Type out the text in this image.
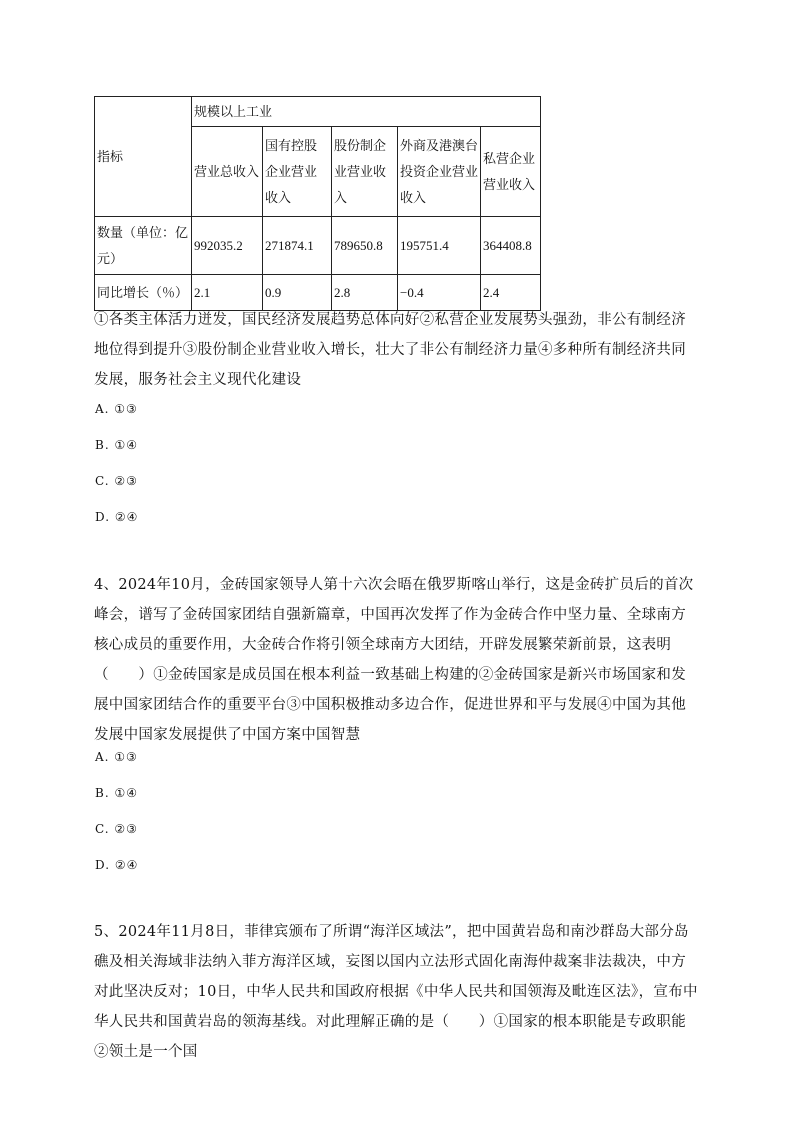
指标	规模以上工业				
	营业总收入	国有控股企业营业收入	股份制企业营业收入	外商及港澳台投资企业营业收入	私营企业营业收入
数量（单位：亿元）	992035.2	271874.1	789650.8	195751.4	364408.8
同比增长（％）	2.1	0.9	2.8	−0.4	2.4
①各类主体活力迸发，国民经济发展趋势总体向好②私营企业发展势头强劲，非公有制经济地位得到提升③股份制企业营业收入增长，壮大了非公有制经济力量④多种所有制经济共同发展，服务社会主义现代化建设
A. ①③
B. ①④
C. ②③
D. ②④
4、2024年10月，金砖国家领导人第十六次会晤在俄罗斯喀山举行，这是金砖扩员后的首次峰会，谱写了金砖国家团结自强新篇章，中国再次发挥了作为金砖合作中坚力量、全球南方核心成员的重要作用，大金砖合作将引领全球南方大团结，开辟发展繁荣新前景，这表明（　　）①金砖国家是成员国在根本利益一致基础上构建的②金砖国家是新兴市场国家和发展中国家团结合作的重要平台③中国积极推动多边合作，促进世界和平与发展④中国为其他发展中国家发展提供了中国方案中国智慧
A. ①③
B. ①④
C. ②③
D. ②④
5、2024年11月8日，菲律宾颁布了所谓“海洋区域法”，把中国黄岩岛和南沙群岛大部分岛礁及相关海域非法纳入菲方海洋区域，妄图以国内立法形式固化南海仲裁案非法裁决，中方对此坚决反对；10日，中华人民共和国政府根据《中华人民共和国领海及毗连区法》，宣布中华人民共和国黄岩岛的领海基线。对此理解正确的是（　　）①国家的根本职能是专政职能②领土是一个国
